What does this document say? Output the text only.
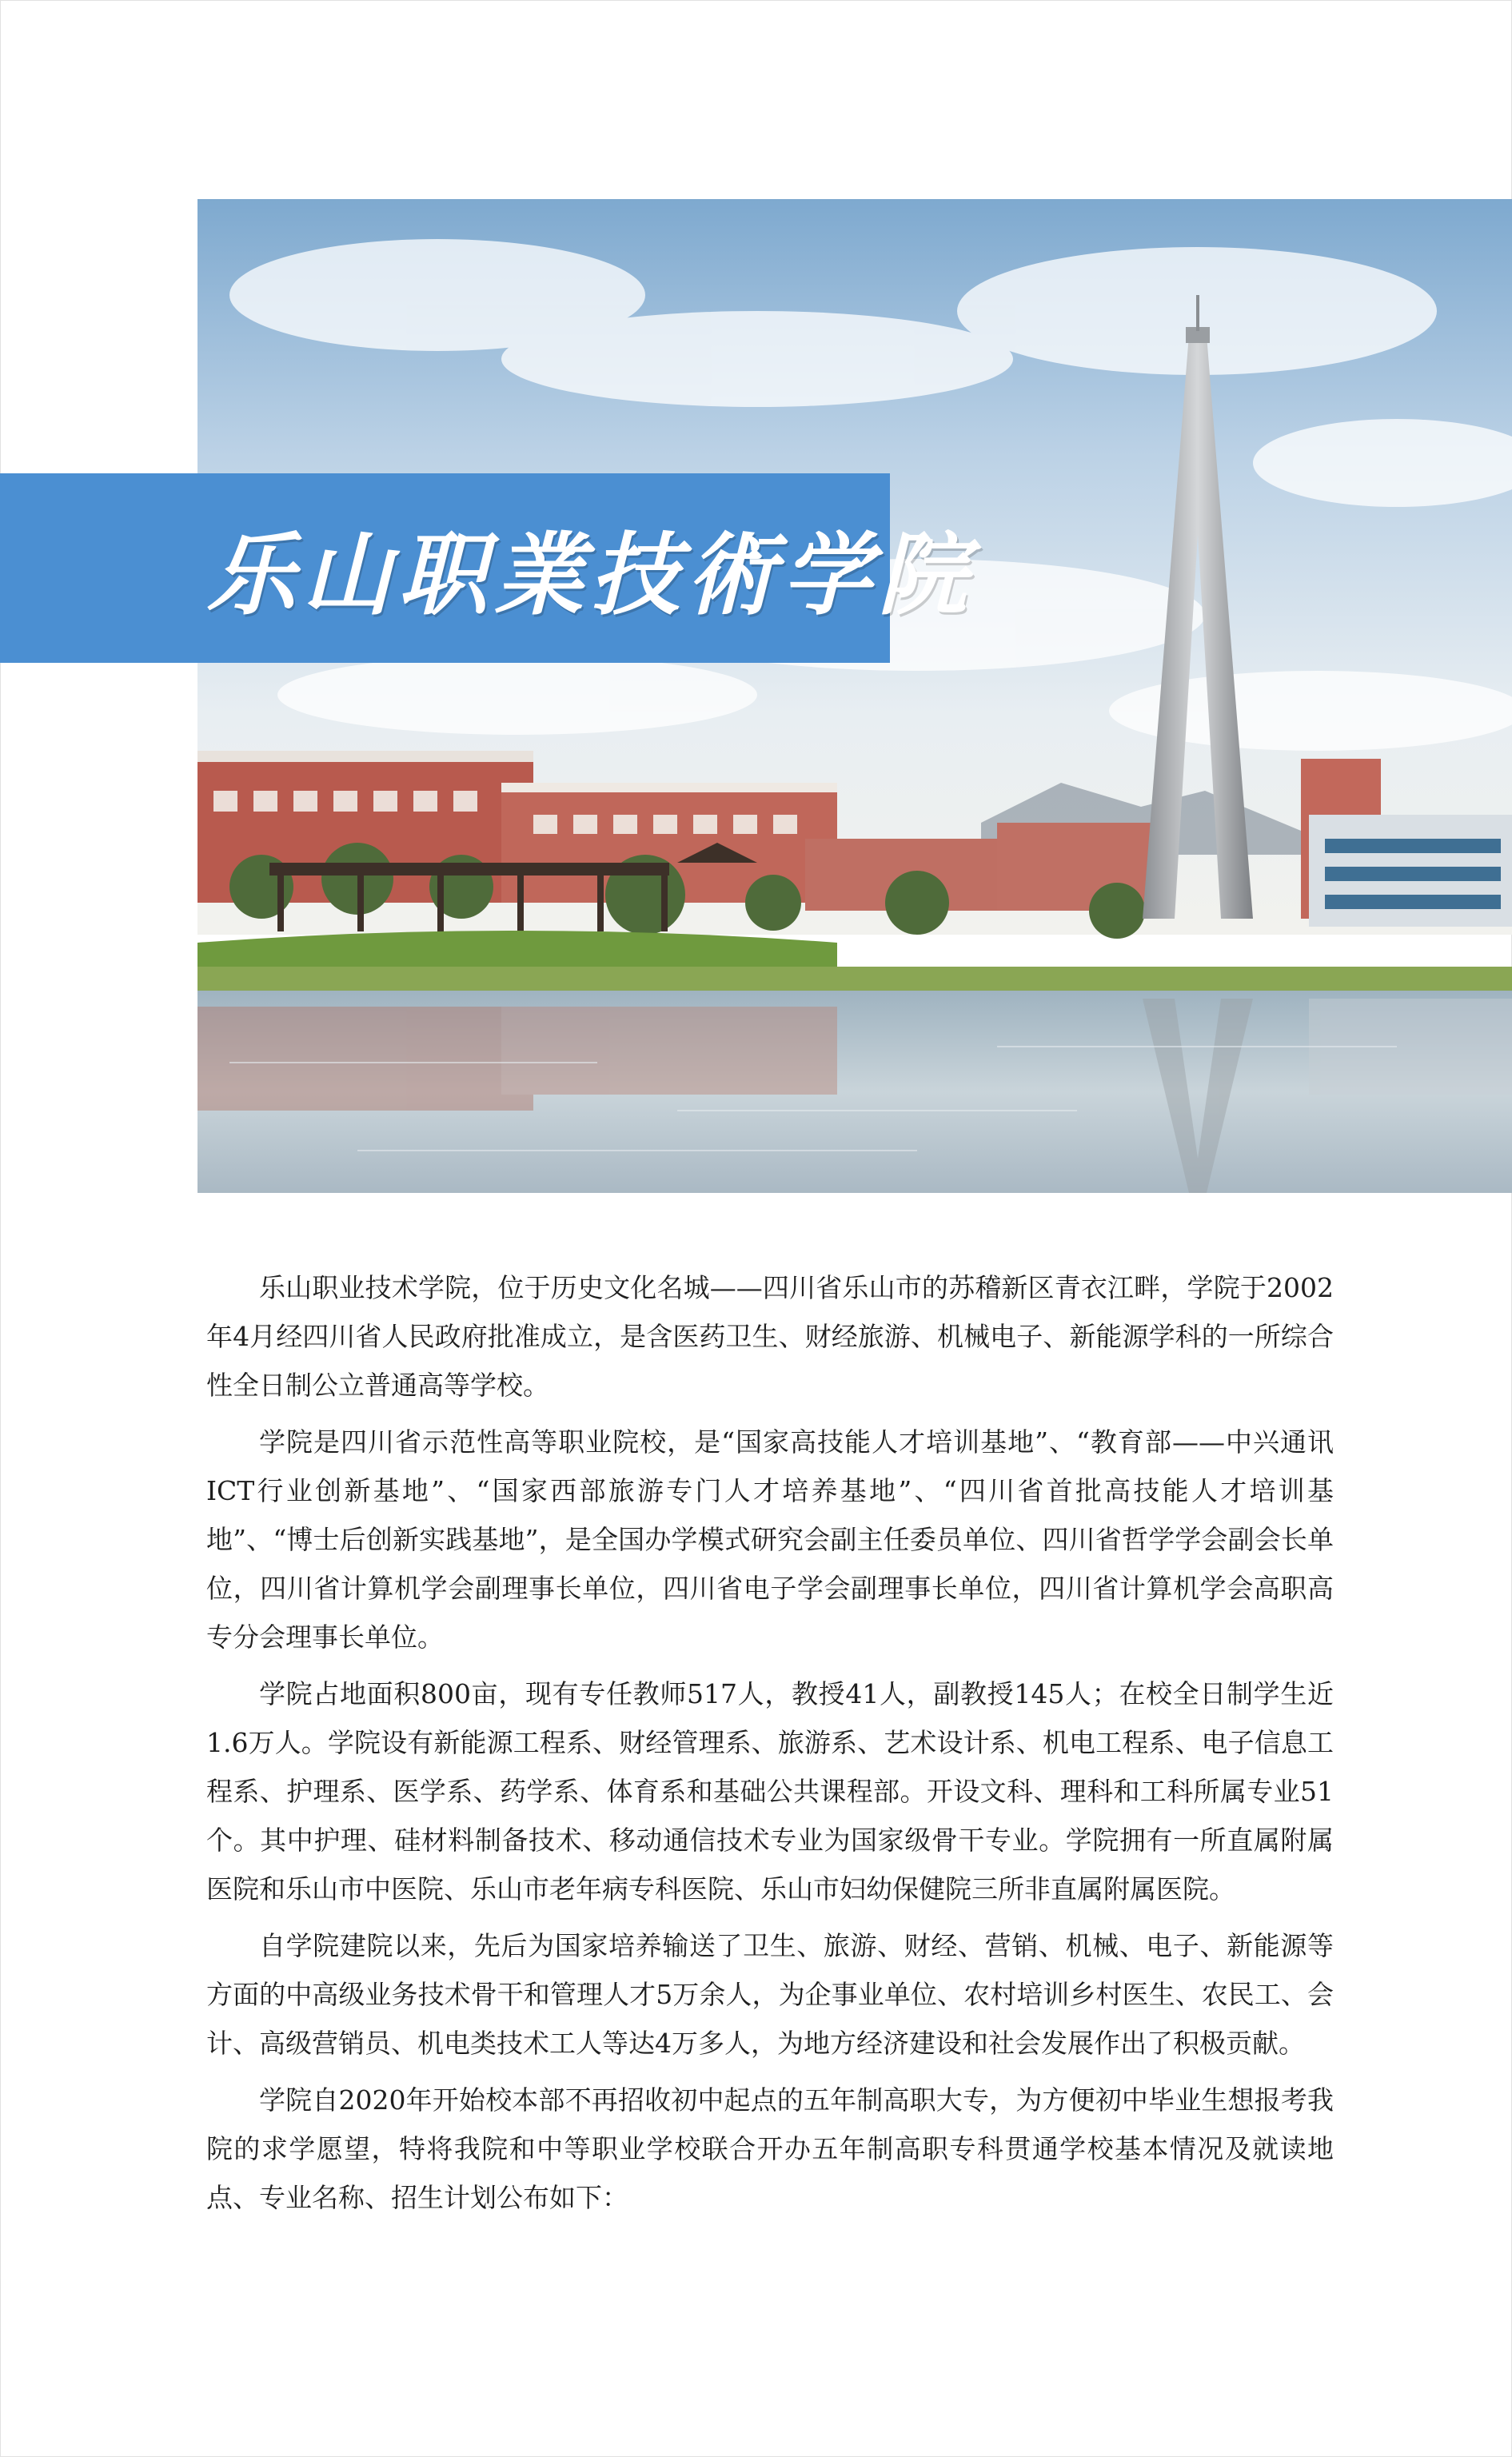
乐山职業技術学院

乐山职业技术学院，位于历史文化名城——四川省乐山市的苏稽新区青衣江畔，学院于2002年4月经四川省人民政府批准成立，是含医药卫生、财经旅游、机械电子、新能源学科的一所综合性全日制公立普通高等学校。

学院是四川省示范性高等职业院校，是“国家高技能人才培训基地”、“教育部——中兴通讯ICT行业创新基地”、“国家西部旅游专门人才培养基地”、“四川省首批高技能人才培训基地”、“博士后创新实践基地”，是全国办学模式研究会副主任委员单位、四川省哲学学会副会长单位，四川省计算机学会副理事长单位，四川省电子学会副理事长单位，四川省计算机学会高职高专分会理事长单位。

学院占地面积800亩，现有专任教师517人，教授41人，副教授145人；在校全日制学生近1.6万人。学院设有新能源工程系、财经管理系、旅游系、艺术设计系、机电工程系、电子信息工程系、护理系、医学系、药学系、体育系和基础公共课程部。开设文科、理科和工科所属专业51个。其中护理、硅材料制备技术、移动通信技术专业为国家级骨干专业。学院拥有一所直属附属医院和乐山市中医院、乐山市老年病专科医院、乐山市妇幼保健院三所非直属附属医院。

自学院建院以来，先后为国家培养输送了卫生、旅游、财经、营销、机械、电子、新能源等方面的中高级业务技术骨干和管理人才5万余人，为企事业单位、农村培训乡村医生、农民工、会计、高级营销员、机电类技术工人等达4万多人，为地方经济建设和社会发展作出了积极贡献。

学院自2020年开始校本部不再招收初中起点的五年制高职大专，为方便初中毕业生想报考我院的求学愿望，特将我院和中等职业学校联合开办五年制高职专科贯通学校基本情况及就读地点、专业名称、招生计划公布如下：
